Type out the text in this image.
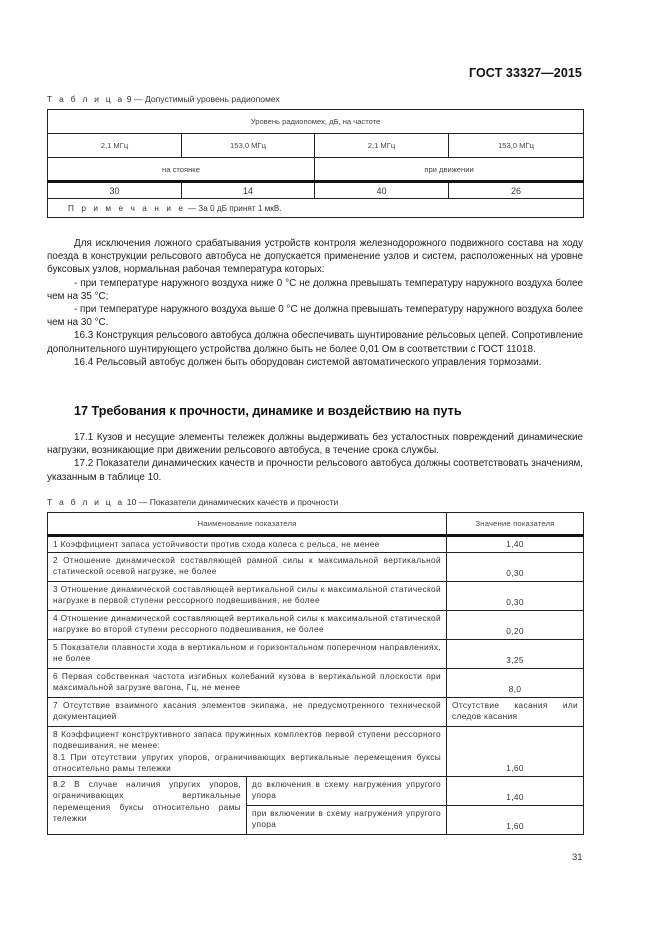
ГОСТ 33327—2015
Т а б л и ц а 9 — Допустимый уровень радиопомех
Уровень радиопомех, дБ, на частоте			
2,1 МГц	153,0 МГц	2,1 МГц	153,0 МГц
на стоянке		при движении	
30	14	40	26
П р и м е ч а н и е — За 0 дБ принят 1 мкВ.			

Для исключения ложного срабатывания устройств контроля железнодорожного подвижного состава на ходу поезда в конструкции рельсового автобуса не допускается применение узлов и систем, расположенных на уровне буксовых узлов, нормальная рабочая температура которых:

- при температуре наружного воздуха ниже 0 °С не должна превышать температуру наружного воздуха более чем на 35 °С;

- при температуре наружного воздуха выше 0 °С не должна превышать температуру наружного воздуха более чем на 30 °С.

16.3 Конструкция рельсового автобуса должна обеспечивать шунтирование рельсовых цепей. Сопротивление дополнительного шунтирующего устройства должно быть не более 0,01 Ом в соответствии с ГОСТ 11018.

16.4 Рельсовый автобус должен быть оборудован системой автоматического управления тормозами.

17 Требования к прочности, динамике и воздействию на путь

17.1 Кузов и несущие элементы тележек должны выдерживать без усталостных повреждений динамические нагрузки, возникающие при движении рельсового автобуса, в течение срока службы.

17.2 Показатели динамических качеств и прочности рельсового автобуса должны соответствовать значениям, указанным в таблице 10.

Т а б л и ц а 10 — Показатели динамических качеств и прочности
Наименование показателя		Значение показателя
1 Коэффициент запаса устойчивости против схода колеса с рельса, не менее		1,40
2 Отношение динамической составляющей рамной силы к максимальной вертикальной статической осевой нагрузке, не более		0,30
3 Отношение динамической составляющей вертикальной силы к максимальной статической нагрузке в первой ступени рессорного подвешивания, не более		0,30
4 Отношение динамической составляющей вертикальной силы к максимальной статической нагрузке во второй ступени рессорного подвешивания, не более		0,20
5 Показатели плавности хода в вертикальном и горизонтальном поперечном направлениях, не более		3,25
6 Первая собственная частота изгибных колебаний кузова в вертикальной плоскости при максимальной загрузке вагона, Гц, не менее		8,0
7 Отсутствие взаимного касания элементов экипажа, не предусмотренного технической документацией		Отсутствие касания или следов касания

8 Коэффициент конструктивного запаса пружинных комплектов первой ступени рессорного подвешивания, не менее:
8.1 При отсутствии упругих упоров, ограничивающих вертикальные перемещения буксы относительно рамы тележки		1,60
8.2 В случае наличия упругих упоров, ограничивающих вертикальные перемещения буксы относительно рамы тележки	до включения в схему нагружения упругого упора	1,40
	при включении в схему нагружения упругого упора	1,60
31
